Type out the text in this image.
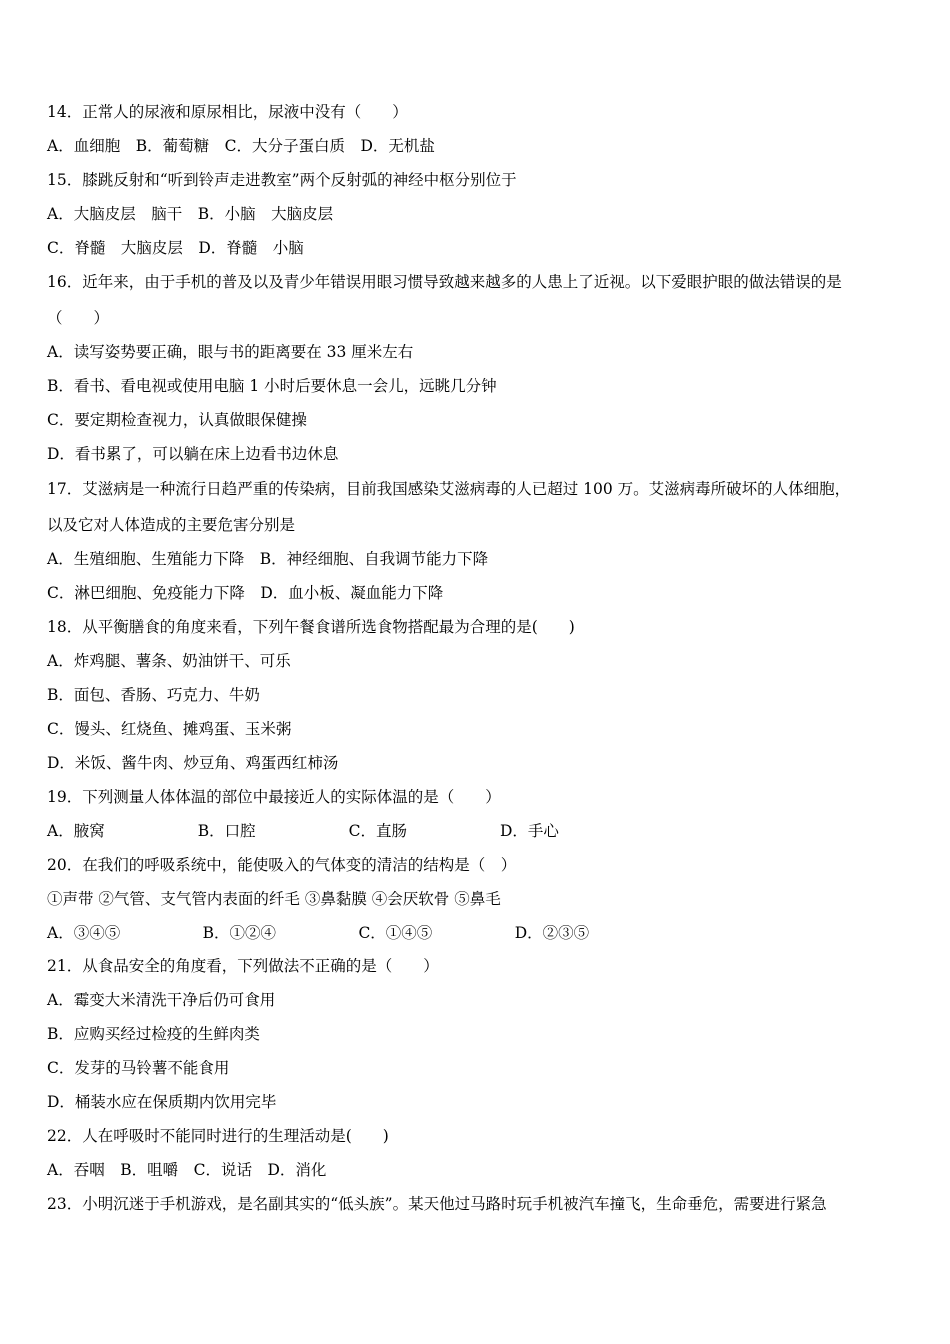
14．正常人的尿液和原尿相比，尿液中没有（　　）
A．血细胞　B．葡萄糖　C．大分子蛋白质　D．无机盐
15．膝跳反射和“听到铃声走进教室”两个反射弧的神经中枢分别位于
A．大脑皮层　脑干　B．小脑　大脑皮层
C．脊髓　大脑皮层　D．脊髓　小脑
16．近年来，由于手机的普及以及青少年错误用眼习惯导致越来越多的人患上了近视。以下爱眼护眼的做法错误的是
（　　）
A．读写姿势要正确，眼与书的距离要在 33 厘米左右
B．看书、看电视或使用电脑 1 小时后要休息一会儿，远眺几分钟
C．要定期检查视力，认真做眼保健操
D．看书累了，可以躺在床上边看书边休息
17．艾滋病是一种流行日趋严重的传染病，目前我国感染艾滋病毒的人已超过 100 万。艾滋病毒所破坏的人体细胞，
以及它对人体造成的主要危害分别是
A．生殖细胞、生殖能力下降　B．神经细胞、自我调节能力下降
C．淋巴细胞、免疫能力下降　D．血小板、凝血能力下降
18．从平衡膳食的角度来看，下列午餐食谱所选食物搭配最为合理的是(　　)
A．炸鸡腿、薯条、奶油饼干、可乐
B．面包、香肠、巧克力、牛奶
C．馒头、红烧鱼、摊鸡蛋、玉米粥
D．米饭、酱牛肉、炒豆角、鸡蛋西红柿汤
19．下列测量人体体温的部位中最接近人的实际体温的是（　　）
A．腋窝　　　　　　B．口腔　　　　　　C．直肠　　　　　　D．手心
20．在我们的呼吸系统中，能使吸入的气体变的清洁的结构是（　）
①声带 ②气管、支气管内表面的纤毛 ③鼻黏膜 ④会厌软骨 ⑤鼻毛
A．③④⑤　　　　　 B．①②④　　　　　 C．①④⑤　　　　　 D．②③⑤
21．从食品安全的角度看，下列做法不正确的是（　　）
A．霉变大米清洗干净后仍可食用
B．应购买经过检疫的生鲜肉类
C．发芽的马铃薯不能食用
D．桶装水应在保质期内饮用完毕
22．人在呼吸时不能同时进行的生理活动是(　　)
A．吞咽　B．咀嚼　C．说话　D．消化
23．小明沉迷于手机游戏，是名副其实的“低头族”。某天他过马路时玩手机被汽车撞飞，生命垂危，需要进行紧急
